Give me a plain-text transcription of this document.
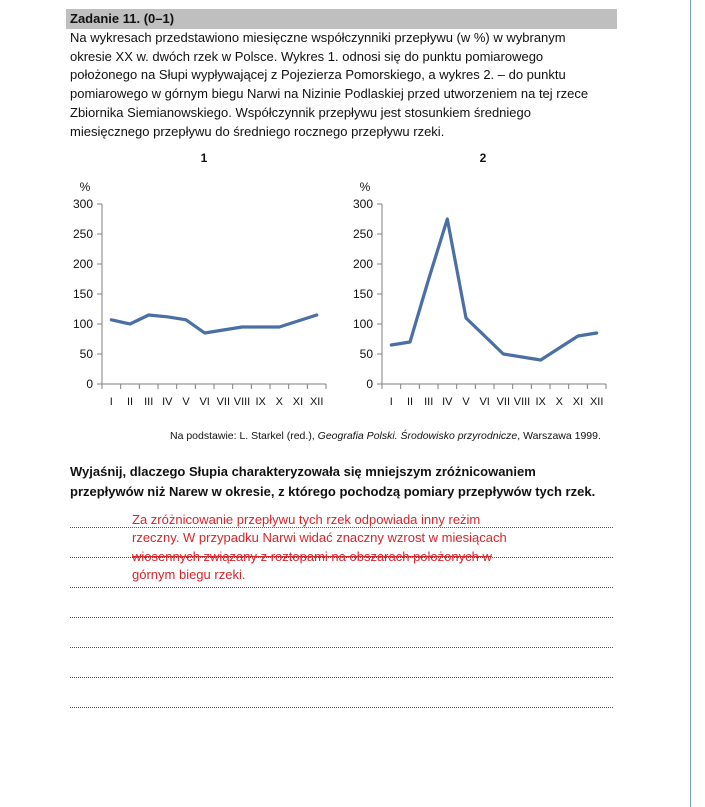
Zadanie 11. (0–1)

Na wykresach przedstawiono miesięczne współczynniki przepływu (w %) w wybranym
okresie XX w. dwóch rzek w Polsce. Wykres 1. odnosi się do punktu pomiarowego
położonego na Słupi wypływającej z Pojezierza Pomorskiego, a wykres 2. – do punktu
pomiarowego w górnym biegu Narwi na Nizinie Podlaskiej przed utworzeniem na tej rzece
Zbiornika Siemianowskiego. Współczynnik przepływu jest stosunkiem średniego
miesięcznego przepływu do średniego rocznego przepływu rzeki.

1
%
0
50
100
150
200
250
300
I II III IV V VI VII VIII IX X XI XII
2
%
0
50
100
150
200
250
300
I II III IV V VI VII VIII IX X XI XII
Na podstawie: L. Starkel (red.), Geografia Polski. Środowisko przyrodnicze, Warszawa 1999.
Wyjaśnij, dlaczego Słupia charakteryzowała się mniejszym zróżnicowaniem
przepływów niż Narew w okresie, z którego pochodzą pomiary przepływów tych rzek.
Za zróżnicowanie przepływu tych rzek odpowiada inny reżim
rzeczny. W przypadku Narwi widać znaczny wzrost w miesiącach
wiosennych związany z roztopami na obszarach położonych w
górnym biegu rzeki.
